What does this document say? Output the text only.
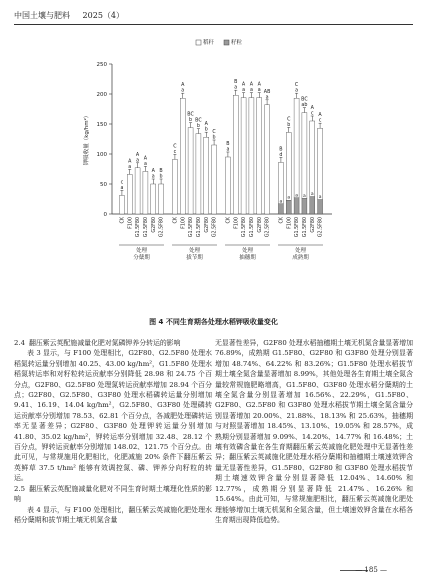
中国土壤与肥料 2025（4）
0
50
100
150
200
250
钾吸收量（kg/hm²）
稻秆	籽粒
c
a
CK
A
a
F100
A
a
G1.5F80
A
a
G1.5F80
A
a
G2F80
B
b
G2.5F80
处理
分蘖期
C
c
CK
A
a
F100
BC
b
G1.5F80
BC
b
G1.5F80
A
b
G2F80
C
b
G2.5F80
处理
拔节期
B
a
CK
B
a
F100
A
a
G1.5F80
A
a
G1.5F80
A
a
G2F80
AB
a
G2.5F80
处理
抽穗期
a
B
d
CK
a
C
b
F100
a
C
a
G1.5F80
a
BC
ab
G1.5F80
a
A
c
G2F80
a
A
c
G2.5F80
处理
成熟期
图 4 不同生育期各处理水稻钾吸收量变化

2.4 翻压紫云英配施减量化肥对氮磷钾养分转运的影响

表 3 显示，与 F100 处理相比，G2F80、G2.5F80 处理水稻氮转运量分别增加 40.25、43.00 kg/hm²，G1.5F80 处理水稻氮转运率和对籽粒转运贡献率分别降低 28.98 和 24.75 个百分点，G2F80、G2.5F80 处理氮转运贡献率增加 28.94 个百分点；G2F80、G2.5F80、G3F80 处理水稻磷转运量分别增加 9.41、16.19、14.04 kg/hm²，G2.5F80、G3F80 处理磷转运贡献率分别增加 78.53、62.81 个百分点，各减肥处理磷转运率无显著差异；G2F80、G3F80 处理钾转运量分别增加 41.80、35.02 kg/hm²，钾转运率分别增加 32.48、28.12 个百分点，钾转运贡献率分别增加 148.02、121.75 个百分点。由此可见，与常规施用化肥相比，化肥减施 20% 条件下翻压紫云英鲜草 37.5 t/hm² 能够有效调控氮、磷、钾养分向籽粒的转运。

2.5 翻压紫云英配施减量化肥对不同生育时期土壤理化性质的影响

表 4 显示，与 F100 处理相比，翻压紫云英减施化肥处理水稻分蘖期和拔节期土壤无机氮含量

无显著性差异，G2F80 处理水稻抽穗期土壤无机氮含量显著增加 76.89%，成熟期 G1.5F80、G2F80 和 G3F80 处理分别显著增加 48.74%、64.22% 和 83.26%；G1.5F80 处理水稻拔节期土壤全氮含量显著增加 8.99%，其他处理各生育期土壤全氮含量较常规施肥略增高，G1.5F80、G3F80 处理水稻分蘖期的土壤全氮含量分别显著增加 16.56%、22.29%，G1.5F80、G2F80、G2.5F80 和 G3F80 处理水稻拔节期土壤全氮含量分别显著增加 20.00%、21.88%、18.13% 和 25.63%，抽穗期与对照显著增加 18.45%、13.10%、19.05% 和 28.57%，成熟期分别显著增加 9.09%、14.20%、14.77% 和 16.48%；土壤有效磷含量在各生育期翻压紫云英减施化肥处理中无显著性差异；翻压紫云英减施化肥处理水稻分蘖期和抽穗期土壤速效钾含量无显著性差异，G1.5F80、G2F80 和 G3F80 处理水稻拔节期土壤速效钾含量分别显著降低 12.04%、14.60% 和 12.77%，成熟期分别显著降低 21.47%、16.26% 和 15.64%。由此可知，与常规施肥相比，翻压紫云英减施化肥处理能够增加土壤无机氮和全氮含量，但土壤速效钾含量在水稻各生育期出现降低趋势。

— 185 —
